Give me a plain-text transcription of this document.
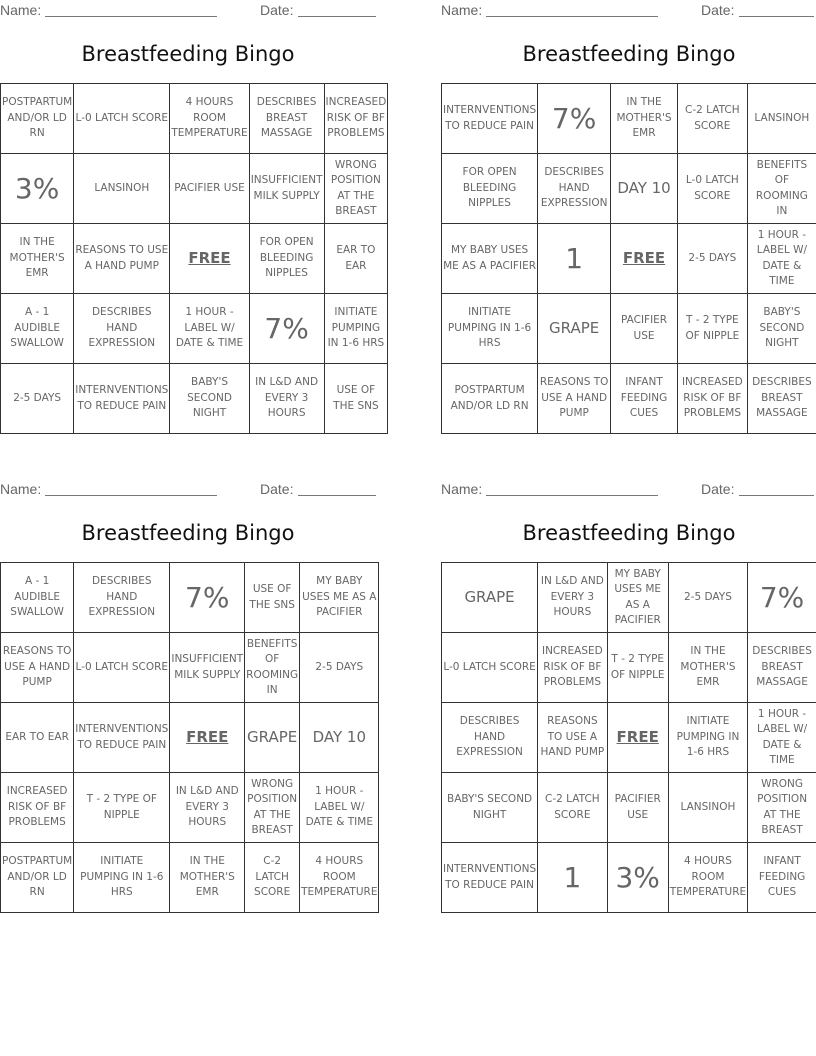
Name:	Date:
Breastfeeding Bingo
POSTPARTUM AND/OR LD RN	L-0 LATCH SCORE	4 HOURS ROOM TEMPERATURE	DESCRIBES BREAST MASSAGE	INCREASED RISK OF BF PROBLEMS
3%	LANSINOH	PACIFIER USE	INSUFFICIENT MILK SUPPLY	WRONG POSITION AT THE BREAST
IN THE MOTHER'S EMR	REASONS TO USE A HAND PUMP	FREE	FOR OPEN BLEEDING NIPPLES	EAR TO EAR
A - 1 AUDIBLE SWALLOW	DESCRIBES HAND EXPRESSION	1 HOUR - LABEL W/ DATE & TIME	7%	INITIATE PUMPING IN 1-6 HRS
2-5 DAYS	INTERNVENTIONS TO REDUCE PAIN	BABY'S SECOND NIGHT	IN L&D AND EVERY 3 HOURS	USE OF THE SNS
Name:	Date:
Breastfeeding Bingo
INTERNVENTIONS TO REDUCE PAIN	7%	IN THE MOTHER'S EMR	C-2 LATCH SCORE	LANSINOH
FOR OPEN BLEEDING NIPPLES	DESCRIBES HAND EXPRESSION	DAY 10	L-0 LATCH SCORE	BENEFITS OF ROOMING IN
MY BABY USES ME AS A PACIFIER	1	FREE	2-5 DAYS	1 HOUR - LABEL W/ DATE & TIME
INITIATE PUMPING IN 1-6 HRS	GRAPE	PACIFIER USE	T - 2 TYPE OF NIPPLE	BABY'S SECOND NIGHT
POSTPARTUM AND/OR LD RN	REASONS TO USE A HAND PUMP	INFANT FEEDING CUES	INCREASED RISK OF BF PROBLEMS	DESCRIBES BREAST MASSAGE
Name:	Date:
Breastfeeding Bingo
A - 1 AUDIBLE SWALLOW	DESCRIBES HAND EXPRESSION	7%	USE OF THE SNS	MY BABY USES ME AS A PACIFIER
REASONS TO USE A HAND PUMP	L-0 LATCH SCORE	INSUFFICIENT MILK SUPPLY	BENEFITS OF ROOMING IN	2-5 DAYS
EAR TO EAR	INTERNVENTIONS TO REDUCE PAIN	FREE	GRAPE	DAY 10
INCREASED RISK OF BF PROBLEMS	T - 2 TYPE OF NIPPLE	IN L&D AND EVERY 3 HOURS	WRONG POSITION AT THE BREAST	1 HOUR - LABEL W/ DATE & TIME
POSTPARTUM AND/OR LD RN	INITIATE PUMPING IN 1-6 HRS	IN THE MOTHER'S EMR	C-2 LATCH SCORE	4 HOURS ROOM TEMPERATURE
Name:	Date:
Breastfeeding Bingo
GRAPE	IN L&D AND EVERY 3 HOURS	MY BABY USES ME AS A PACIFIER	2-5 DAYS	7%
L-0 LATCH SCORE	INCREASED RISK OF BF PROBLEMS	T - 2 TYPE OF NIPPLE	IN THE MOTHER'S EMR	DESCRIBES BREAST MASSAGE
DESCRIBES HAND EXPRESSION	REASONS TO USE A HAND PUMP	FREE	INITIATE PUMPING IN 1-6 HRS	1 HOUR - LABEL W/ DATE & TIME
BABY'S SECOND NIGHT	C-2 LATCH SCORE	PACIFIER USE	LANSINOH	WRONG POSITION AT THE BREAST
INTERNVENTIONS TO REDUCE PAIN	1	3%	4 HOURS ROOM TEMPERATURE	INFANT FEEDING CUES
